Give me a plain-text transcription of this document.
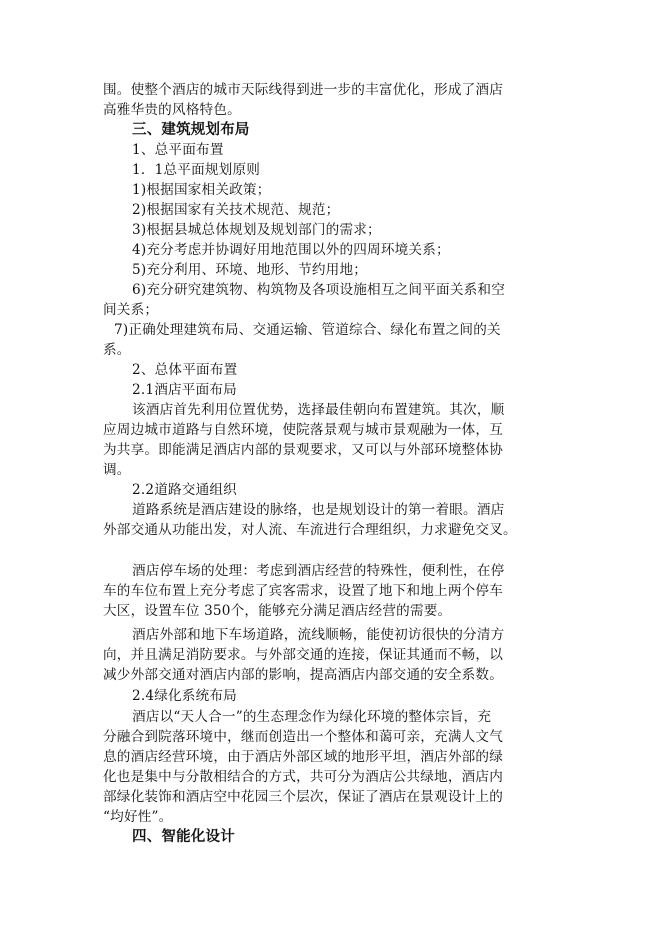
围。使整个酒店的城市天际线得到进一步的丰富优化，形成了酒店
高雅华贵的风格特色。
三、建筑规划布局
1、总平面布置
1．1总平面规划原则
1)根据国家相关政策；
2)根据国家有关技术规范、规范；
3)根据县城总体规划及规划部门的需求；
4)充分考虑并协调好用地范围以外的四周环境关系；
5)充分利用、环境、地形、节约用地；
6)充分研究建筑物、构筑物及各项设施相互之间平面关系和空
间关系；
7)正确处理建筑布局、交通运输、管道综合、绿化布置之间的关
系。
2、总体平面布置
2.1酒店平面布局
该酒店首先利用位置优势，选择最佳朝向布置建筑。其次，顺
应周边城市道路与自然环境，使院落景观与城市景观融为一体，互
为共享。即能满足酒店内部的景观要求，又可以与外部环境整体协
调。
2.2道路交通组织
道路系统是酒店建设的脉络，也是规划设计的第一着眼。酒店
外部交通从功能出发，对人流、车流进行合理组织，力求避免交叉。
酒店停车场的处理：考虑到酒店经营的特殊性，便利性，在停
车的车位布置上充分考虑了宾客需求，设置了地下和地上两个停车
大区，设置车位 350个，能够充分满足酒店经营的需要。
酒店外部和地下车场道路，流线顺畅，能使初访很快的分清方
向，并且满足消防要求。与外部交通的连接，保证其通而不畅，以
减少外部交通对酒店内部的影响，提高酒店内部交通的安全系数。
2.4绿化系统布局
酒店以“天人合一”的生态理念作为绿化环境的整体宗旨，充
分融合到院落环境中，继而创造出一个整体和蔼可亲，充满人文气
息的酒店经营环境，由于酒店外部区域的地形平坦，酒店外部的绿
化也是集中与分散相结合的方式，共可分为酒店公共绿地，酒店内
部绿化装饰和酒店空中花园三个层次，保证了酒店在景观设计上的
“均好性”。
四、智能化设计
